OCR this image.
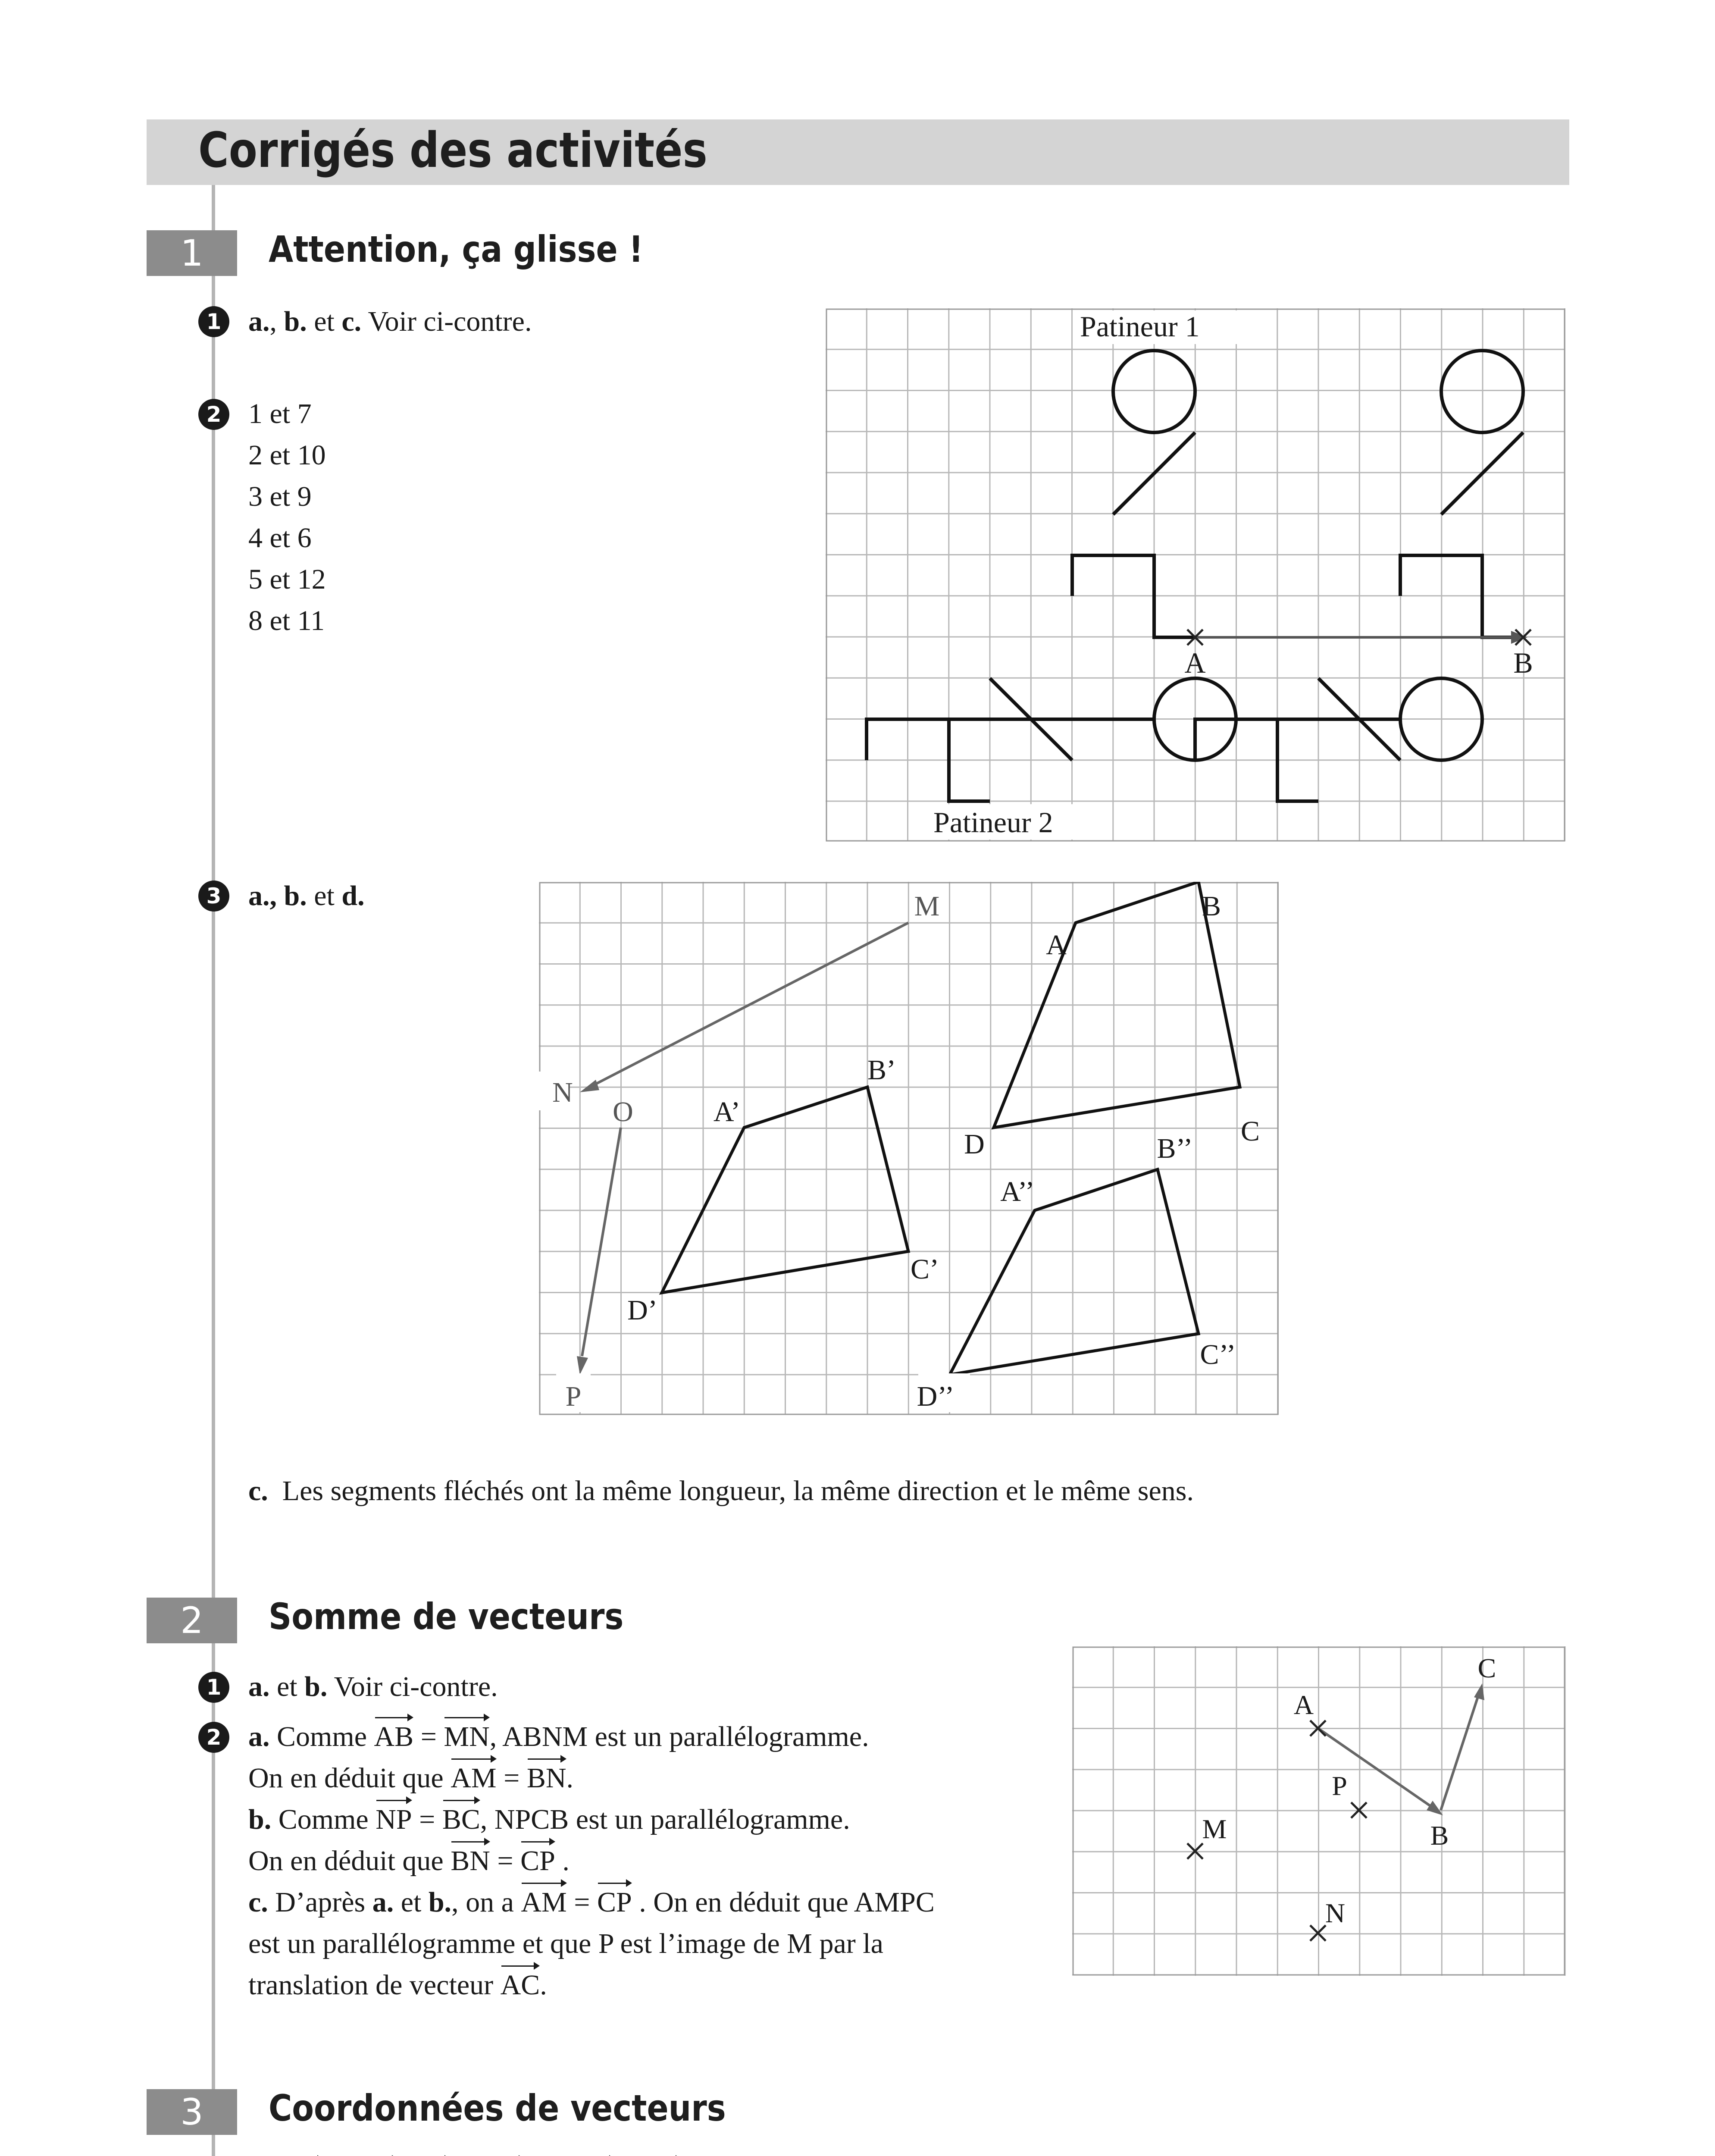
Corrigés des activités
1	Attention, ça glisse !
1 a., b. et c. Voir ci-contre.
2 1 et 7
2 et 10
3 et 9
4 et 6
5 et 12
8 et 11
A	B
Patineur 1
Patineur 2
3 a., b. et d.	M	B
A
N
O	A’
B’
C
D	B’’
A’’
C’
D’
C’’
D’’
P
c. Les segments fléchés ont la même longueur, la même direction et le même sens.
2	Somme de vecteurs
1 a. et b. Voir ci-contre.
2 a. Comme AB = MN, ABNM est un parallélogramme.
On en déduit que AM = BN.
b. Comme NP = BC, NPCB est un parallélogramme.
On en déduit que BN = CP .
c. D’après a. et b., on a AM = CP . On en déduit que AMPC
est un parallélogramme et que P est l’image de M par la
translation de vecteur AC.
A
C
P
B
M
N
3	Coordonnées de vecteurs
